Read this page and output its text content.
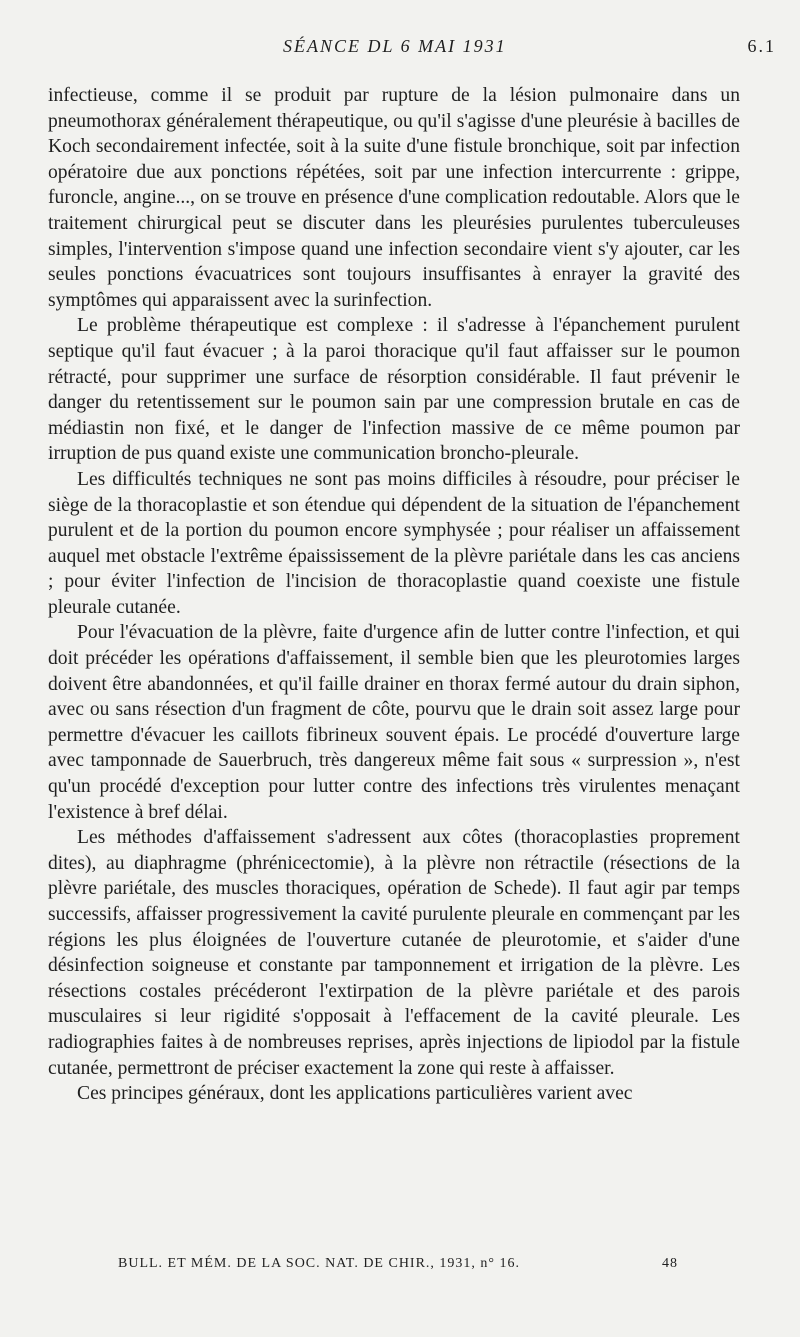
SÉANCE DL 6 MAI 1931	6.1

infectieuse, comme il se produit par rupture de la lésion pulmonaire dans un pneumothorax généralement thérapeutique, ou qu'il s'agisse d'une pleurésie à bacilles de Koch secondairement infectée, soit à la suite d'une fistule bronchique, soit par infection opératoire due aux ponctions répétées, soit par une infection intercurrente : grippe, furoncle, angine..., on se trouve en présence d'une complication redoutable. Alors que le traitement chirurgical peut se discuter dans les pleurésies purulentes tuberculeuses simples, l'intervention s'impose quand une infection secondaire vient s'y ajouter, car les seules ponctions évacuatrices sont toujours insuffisantes à enrayer la gravité des symptômes qui apparaissent avec la surinfection.

Le problème thérapeutique est complexe : il s'adresse à l'épanchement purulent septique qu'il faut évacuer ; à la paroi thoracique qu'il faut affaisser sur le poumon rétracté, pour supprimer une surface de résorption considérable. Il faut prévenir le danger du retentissement sur le poumon sain par une compression brutale en cas de médiastin non fixé, et le danger de l'infection massive de ce même poumon par irruption de pus quand existe une communication broncho-pleurale.

Les difficultés techniques ne sont pas moins difficiles à résoudre, pour préciser le siège de la thoracoplastie et son étendue qui dépendent de la situation de l'épanchement purulent et de la portion du poumon encore symphysée ; pour réaliser un affaissement auquel met obstacle l'extrême épaississement de la plèvre pariétale dans les cas anciens ; pour éviter l'infection de l'incision de thoracoplastie quand coexiste une fistule pleurale cutanée.

Pour l'évacuation de la plèvre, faite d'urgence afin de lutter contre l'infection, et qui doit précéder les opérations d'affaissement, il semble bien que les pleurotomies larges doivent être abandonnées, et qu'il faille drainer en thorax fermé autour du drain siphon, avec ou sans résection d'un fragment de côte, pourvu que le drain soit assez large pour permettre d'évacuer les caillots fibrineux souvent épais. Le procédé d'ouverture large avec tamponnade de Sauerbruch, très dangereux même fait sous « surpression », n'est qu'un procédé d'exception pour lutter contre des infections très virulentes menaçant l'existence à bref délai.

Les méthodes d'affaissement s'adressent aux côtes (thoracoplasties proprement dites), au diaphragme (phrénicectomie), à la plèvre non rétractile (résections de la plèvre pariétale, des muscles thoraciques, opération de Schede). Il faut agir par temps successifs, affaisser progressivement la cavité purulente pleurale en commençant par les régions les plus éloignées de l'ouverture cutanée de pleurotomie, et s'aider d'une désinfection soigneuse et constante par tamponnement et irrigation de la plèvre. Les résections costales précéderont l'extirpation de la plèvre pariétale et des parois musculaires si leur rigidité s'opposait à l'effacement de la cavité pleurale. Les radiographies faites à de nombreuses reprises, après injections de lipiodol par la fistule cutanée, permettront de préciser exactement la zone qui reste à affaisser.

Ces principes généraux, dont les applications particulières varient avec

BULL. ET MÉM. DE LA SOC. NAT. DE CHIR., 1931, n° 16.	48
